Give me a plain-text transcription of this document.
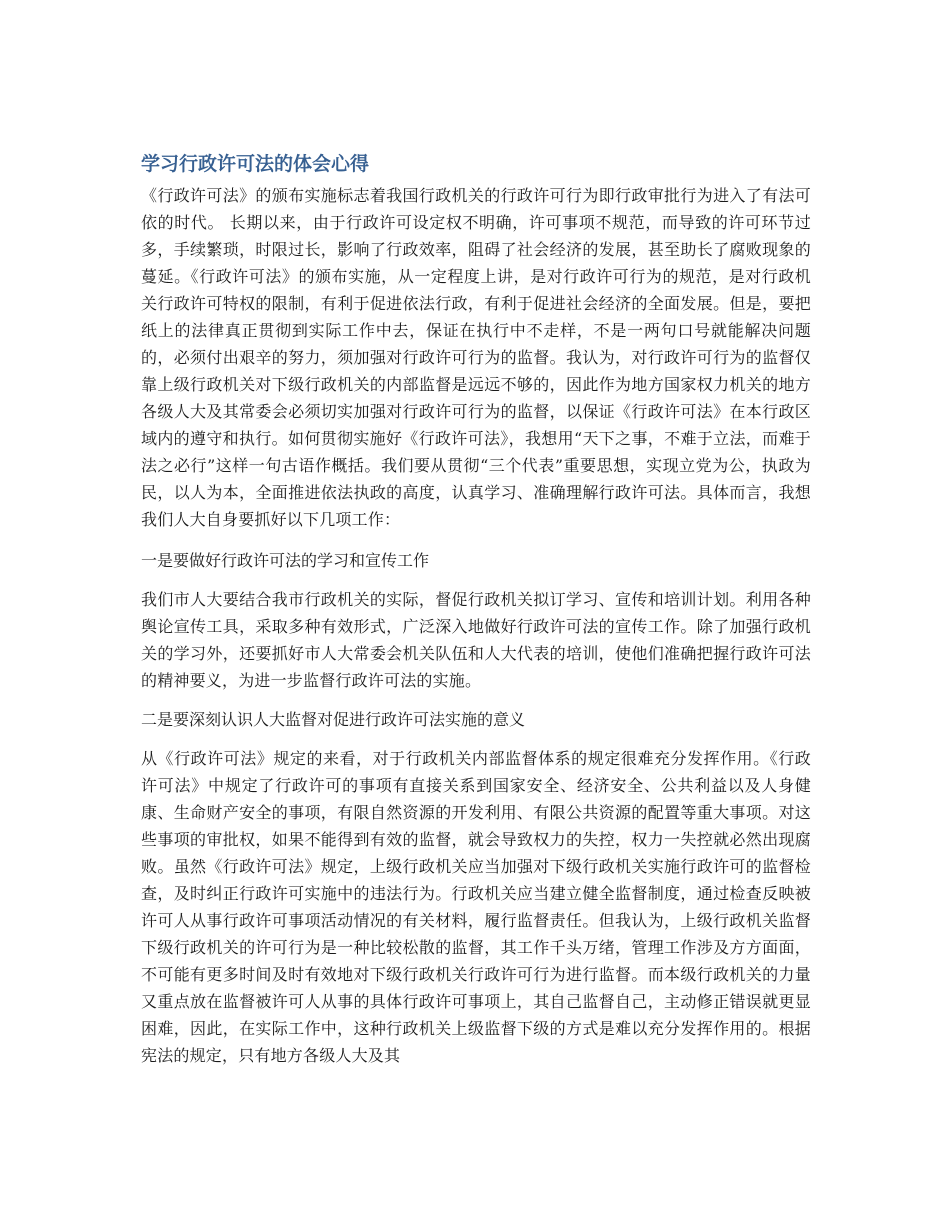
学习行政许可法的体会心得

《行政许可法》的颁布实施标志着我国行政机关的行政许可行为即行政审批行为进入了有法可依的时代。 长期以来，由于行政许可设定权不明确，许可事项不规范，而导致的许可环节过多，手续繁琐，时限过长，影响了行政效率，阻碍了社会经济的发展，甚至助长了腐败现象的蔓延。《行政许可法》的颁布实施，从一定程度上讲，是对行政许可行为的规范，是对行政机关行政许可特权的限制，有利于促进依法行政，有利于促进社会经济的全面发展。但是，要把纸上的法律真正贯彻到实际工作中去，保证在执行中不走样，不是一两句口号就能解决问题的，必须付出艰辛的努力，须加强对行政许可行为的监督。我认为，对行政许可行为的监督仅靠上级行政机关对下级行政机关的内部监督是远远不够的，因此作为地方国家权力机关的地方各级人大及其常委会必须切实加强对行政许可行为的监督，以保证《行政许可法》在本行政区域内的遵守和执行。如何贯彻实施好《行政许可法》，我想用“天下之事，不难于立法，而难于法之必行”这样一句古语作概括。我们要从贯彻“三个代表”重要思想，实现立党为公，执政为民，以人为本，全面推进依法执政的高度，认真学习、准确理解行政许可法。具体而言，我想我们人大自身要抓好以下几项工作：

一是要做好行政许可法的学习和宣传工作

我们市人大要结合我市行政机关的实际，督促行政机关拟订学习、宣传和培训计划。利用各种舆论宣传工具，采取多种有效形式，广泛深入地做好行政许可法的宣传工作。除了加强行政机关的学习外，还要抓好市人大常委会机关队伍和人大代表的培训，使他们准确把握行政许可法的精神要义，为进一步监督行政许可法的实施。

二是要深刻认识人大监督对促进行政许可法实施的意义

从《行政许可法》规定的来看，对于行政机关内部监督体系的规定很难充分发挥作用。《行政许可法》中规定了行政许可的事项有直接关系到国家安全、经济安全、公共利益以及人身健康、生命财产安全的事项，有限自然资源的开发利用、有限公共资源的配置等重大事项。对这些事项的审批权，如果不能得到有效的监督，就会导致权力的失控，权力一失控就必然出现腐败。虽然《行政许可法》规定，上级行政机关应当加强对下级行政机关实施行政许可的监督检查，及时纠正行政许可实施中的违法行为。行政机关应当建立健全监督制度，通过检查反映被许可人从事行政许可事项活动情况的有关材料，履行监督责任。但我认为，上级行政机关监督下级行政机关的许可行为是一种比较松散的监督，其工作千头万绪，管理工作涉及方方面面，不可能有更多时间及时有效地对下级行政机关行政许可行为进行监督。而本级行政机关的力量又重点放在监督被许可人从事的具体行政许可事项上，其自己监督自己，主动修正错误就更显困难，因此，在实际工作中，这种行政机关上级监督下级的方式是难以充分发挥作用的。根据宪法的规定，只有地方各级人大及其
